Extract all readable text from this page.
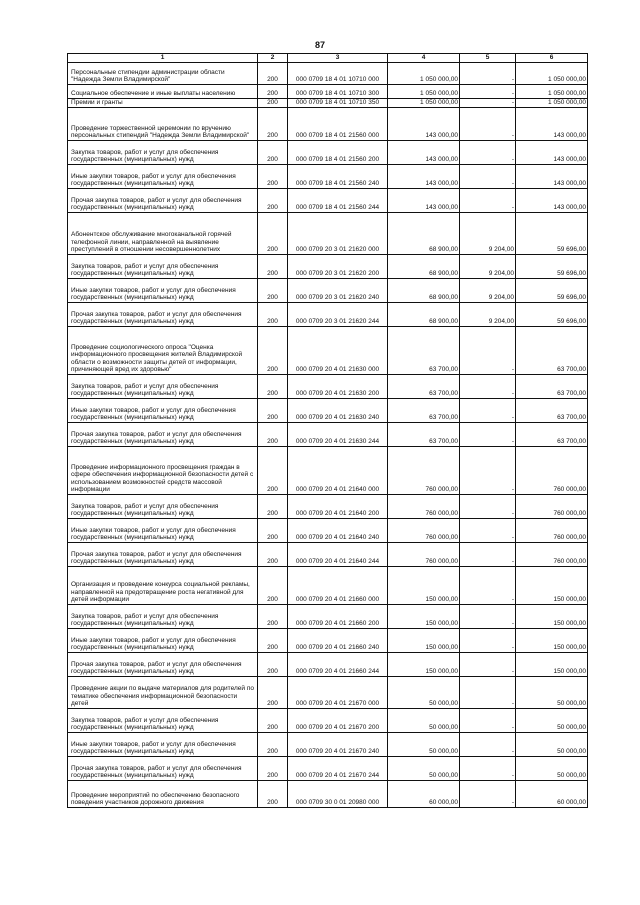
87
1	2	3	4	5	6
Персональные стипендии администрации области "Надежда Земли Владимирской"	200	000 0709 18 4 01 10710 000	1 050 000,00	-	1 050 000,00
Социальное обеспечение и иные выплаты населению	200	000 0709 18 4 01 10710 300	1 050 000,00	-	1 050 000,00
Премии и гранты	200	000 0709 18 4 01 10710 350	1 050 000,00	-	1 050 000,00
Проведение торжественной церемонии по вручению персональных стипендий "Надежда Земли Владимирской"	200	000 0709 18 4 01 21560 000	143 000,00	-	143 000,00
Закупка товаров, работ и услуг для обеспечения государственных (муниципальных) нужд	200	000 0709 18 4 01 21560 200	143 000,00	-	143 000,00
Иные закупки товаров, работ и услуг для обеспечения государственных (муниципальных) нужд	200	000 0709 18 4 01 21560 240	143 000,00	-	143 000,00
Прочая закупка товаров, работ и услуг для обеспечения государственных (муниципальных) нужд	200	000 0709 18 4 01 21560 244	143 000,00	-	143 000,00
Абонентское обслуживание многоканальной горячей телефонной линии, направленной на выявление преступлений в отношении несовершеннолетних	200	000 0709 20 3 01 21620 000	68 900,00	9 204,00	59 696,00
Закупка товаров, работ и услуг для обеспечения государственных (муниципальных) нужд	200	000 0709 20 3 01 21620 200	68 900,00	9 204,00	59 696,00
Иные закупки товаров, работ и услуг для обеспечения государственных (муниципальных) нужд	200	000 0709 20 3 01 21620 240	68 900,00	9 204,00	59 696,00
Прочая закупка товаров, работ и услуг для обеспечения государственных (муниципальных) нужд	200	000 0709 20 3 01 21620 244	68 900,00	9 204,00	59 696,00
Проведение социологического опроса "Оценка информационного просвещения жителей Владимирской области о возможности защиты детей от информации, причиняющей вред их здоровью"	200	000 0709 20 4 01 21630 000	63 700,00	-	63 700,00
Закупка товаров, работ и услуг для обеспечения государственных (муниципальных) нужд	200	000 0709 20 4 01 21630 200	63 700,00	-	63 700,00
Иные закупки товаров, работ и услуг для обеспечения государственных (муниципальных) нужд	200	000 0709 20 4 01 21630 240	63 700,00	-	63 700,00
Прочая закупка товаров, работ и услуг для обеспечения государственных (муниципальных) нужд	200	000 0709 20 4 01 21630 244	63 700,00	-	63 700,00
Проведение информационного просвещения граждан в сфере обеспечения информационной безопасности детей с использованием возможностей средств массовой информации	200	000 0709 20 4 01 21640 000	760 000,00	-	760 000,00
Закупка товаров, работ и услуг для обеспечения государственных (муниципальных) нужд	200	000 0709 20 4 01 21640 200	760 000,00	-	760 000,00
Иные закупки товаров, работ и услуг для обеспечения государственных (муниципальных) нужд	200	000 0709 20 4 01 21640 240	760 000,00	-	760 000,00
Прочая закупка товаров, работ и услуг для обеспечения государственных (муниципальных) нужд	200	000 0709 20 4 01 21640 244	760 000,00	-	760 000,00
Организация и проведение конкурса социальной рекламы, направленной на предотвращение роста негативной для детей информации	200	000 0709 20 4 01 21660 000	150 000,00	-	150 000,00
Закупка товаров, работ и услуг для обеспечения государственных (муниципальных) нужд	200	000 0709 20 4 01 21660 200	150 000,00	-	150 000,00
Иные закупки товаров, работ и услуг для обеспечения государственных (муниципальных) нужд	200	000 0709 20 4 01 21660 240	150 000,00	-	150 000,00
Прочая закупка товаров, работ и услуг для обеспечения государственных (муниципальных) нужд	200	000 0709 20 4 01 21660 244	150 000,00	-	150 000,00
Проведение акции по выдаче материалов для родителей по тематике обеспечения информационной безопасности детей	200	000 0709 20 4 01 21670 000	50 000,00	-	50 000,00
Закупка товаров, работ и услуг для обеспечения государственных (муниципальных) нужд	200	000 0709 20 4 01 21670 200	50 000,00	-	50 000,00
Иные закупки товаров, работ и услуг для обеспечения государственных (муниципальных) нужд	200	000 0709 20 4 01 21670 240	50 000,00	-	50 000,00
Прочая закупка товаров, работ и услуг для обеспечения государственных (муниципальных) нужд	200	000 0709 20 4 01 21670 244	50 000,00	-	50 000,00
Проведение мероприятий по обеспечению безопасного поведения участников дорожного движения	200	000 0709 30 0 01 20980 000	60 000,00	-	60 000,00
